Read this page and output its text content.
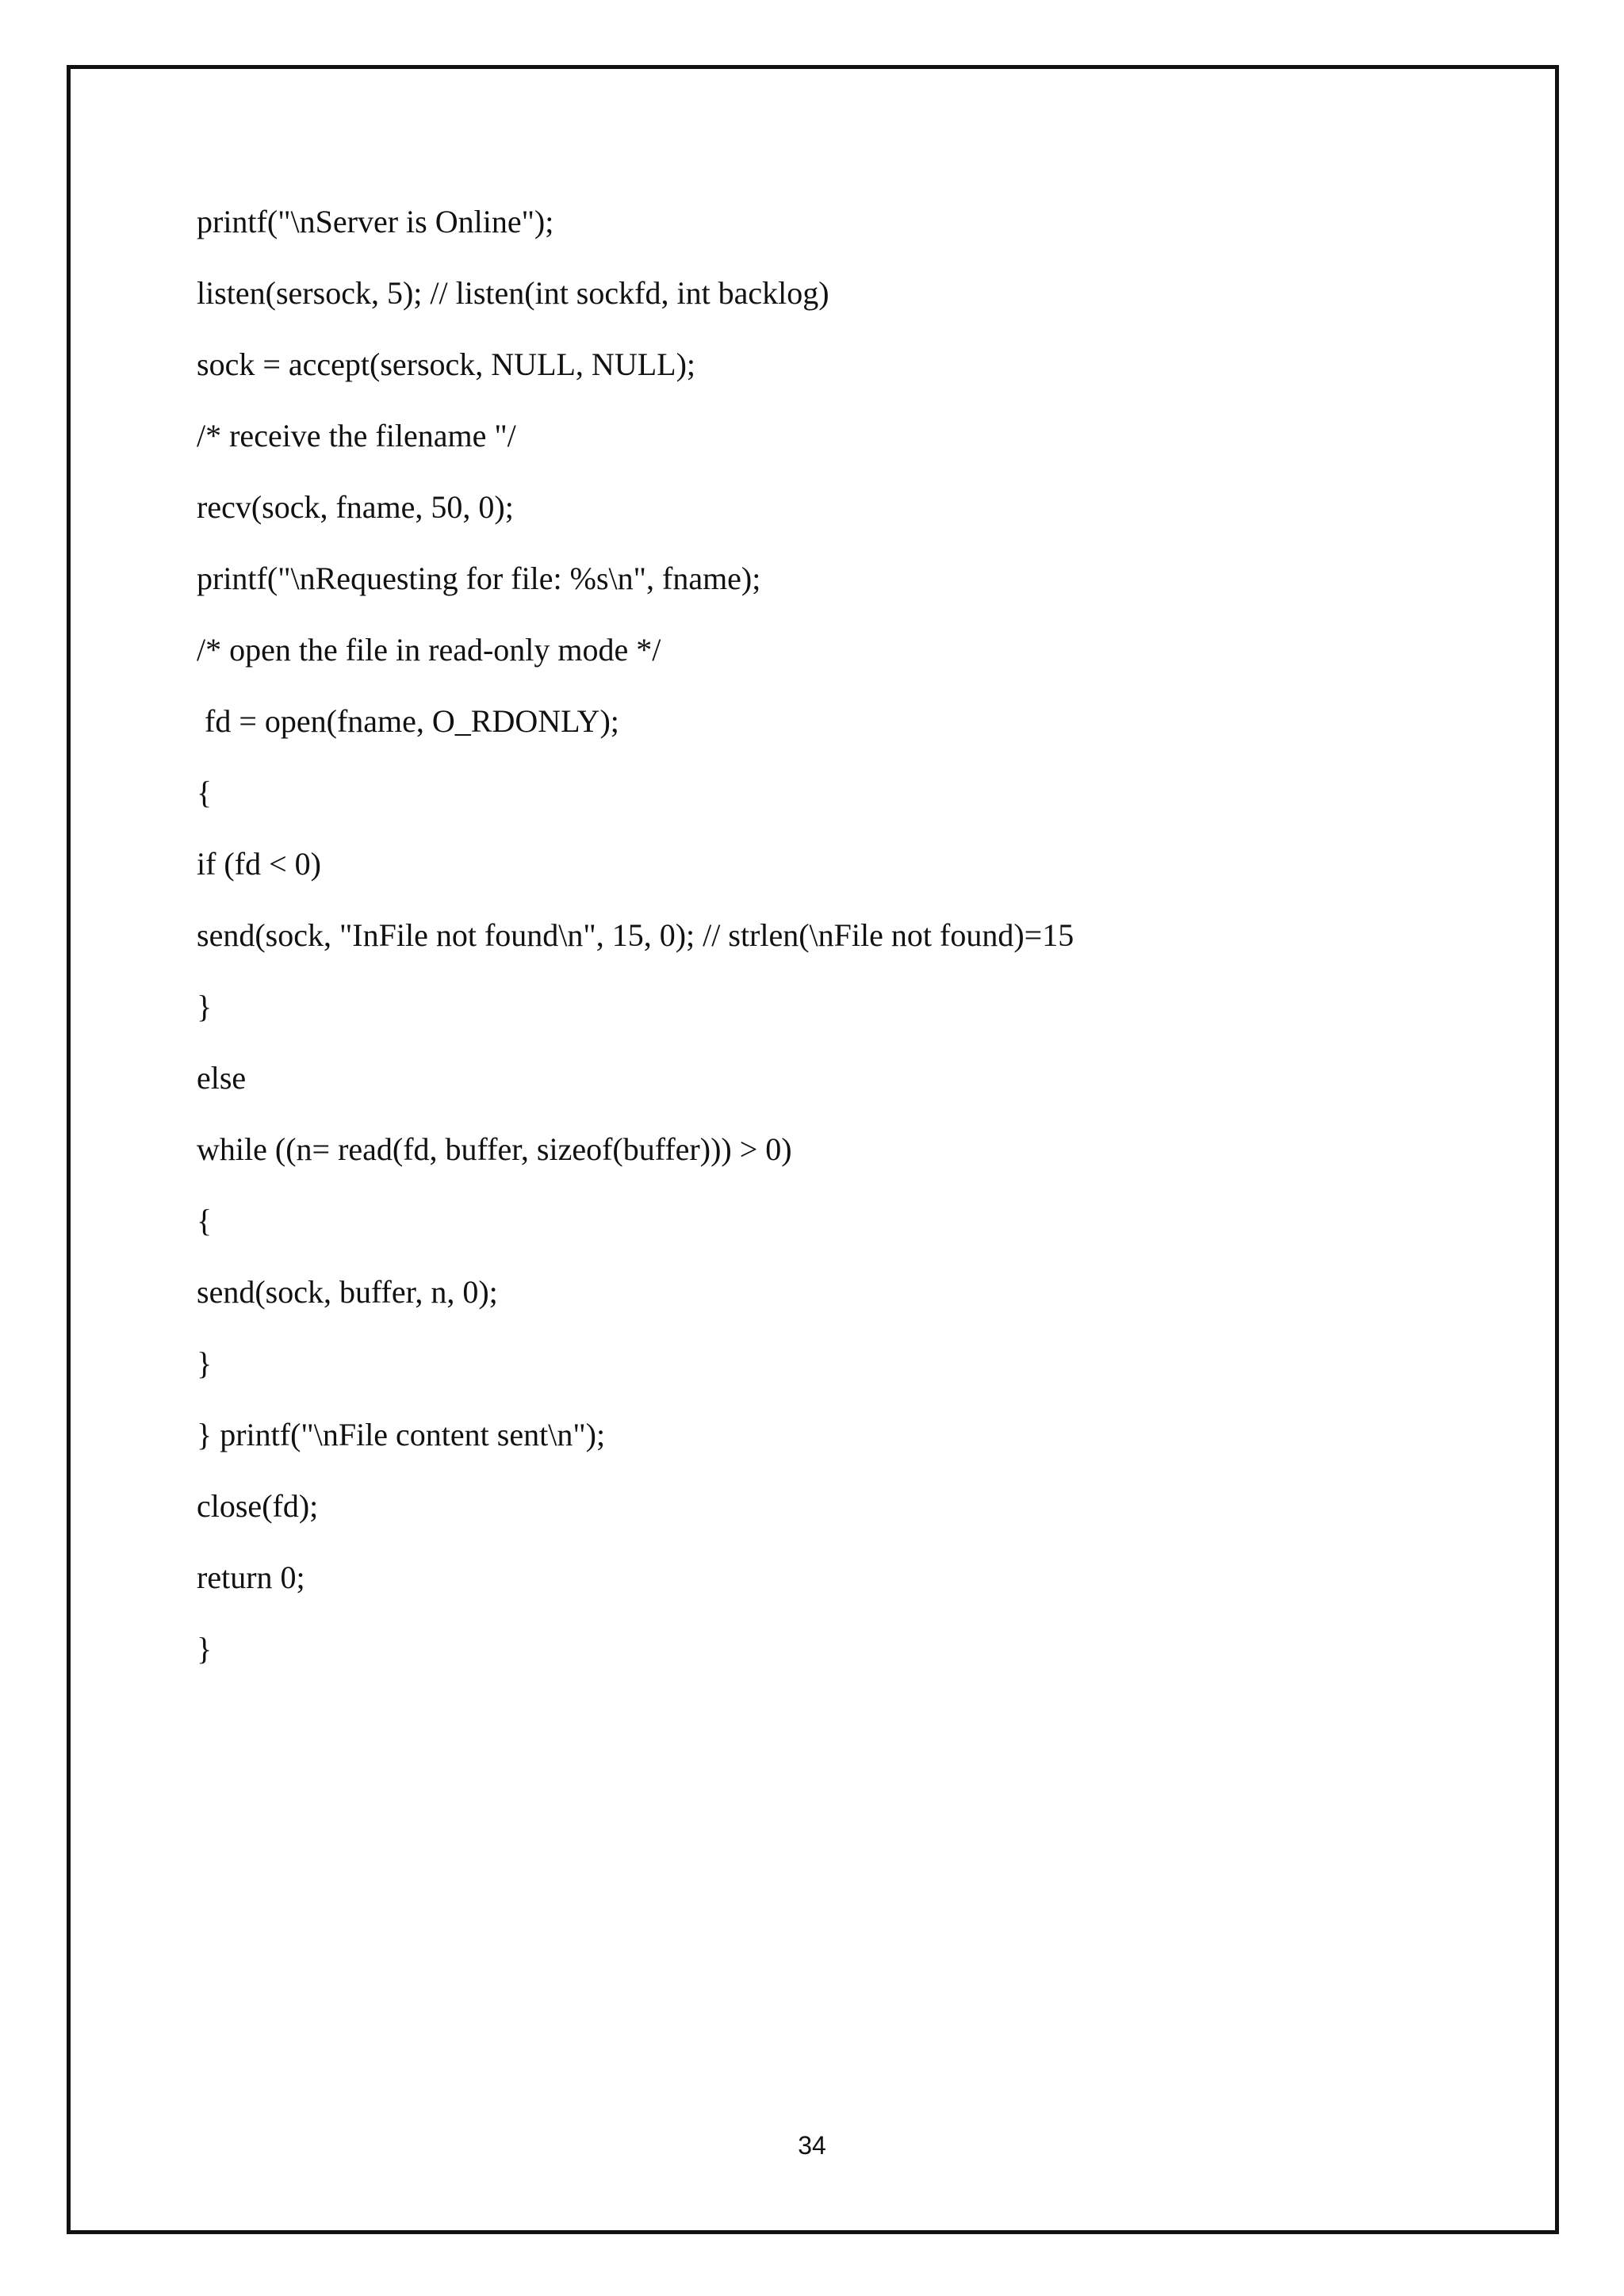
printf("\nServer is Online");
listen(sersock, 5); // listen(int sockfd, int backlog)
sock = accept(sersock, NULL, NULL);
/* receive the filename "/
recv(sock, fname, 50, 0);
printf("\nRequesting for file: %s\n", fname);
/* open the file in read-only mode */
fd = open(fname, O_RDONLY);
{
if (fd < 0)
send(sock, "InFile not found\n", 15, 0); // strlen(\nFile not found)=15
}
else
while ((n= read(fd, buffer, sizeof(buffer))) > 0)
{
send(sock, buffer, n, 0);
}
} printf("\nFile content sent\n");
close(fd);
return 0;
}
34
